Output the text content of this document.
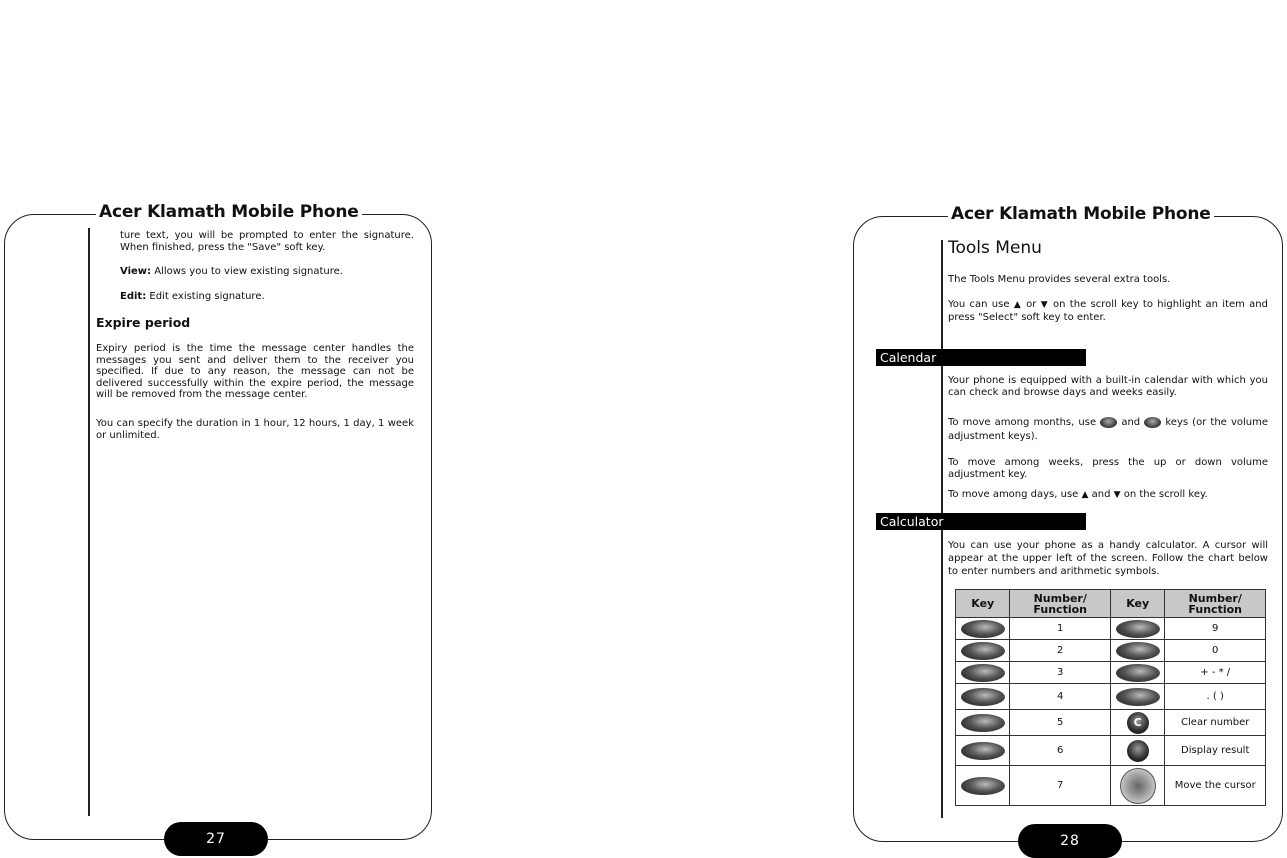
Acer Klamath Mobile Phone
ture text, you will be prompted to enter the signature. When finished, press the "Save" soft key.
View: Allows you to view existing signature.
Edit: Edit existing signature.
Expire period
Expiry period is the time the message center handles the messages you sent and deliver them to the receiver you specified. If due to any reason, the message can not be delivered successfully within the expire period, the message will be removed from the message center.
You can specify the duration in 1 hour, 12 hours, 1 day, 1 week or unlimited.
27
Acer Klamath Mobile Phone
Tools Menu
The Tools Menu provides several extra tools.
You can use ▲ or ▼ on the scroll key to highlight an item and press "Select" soft key to enter.
Calendar
Your phone is equipped with a built-in calendar with which you can check and browse days and weeks easily.
To move among months, use  and  keys (or the volume adjustment keys).
To move among weeks, press the up or down volume adjustment key.
To move among days, use ▲ and ▼ on the scroll key.
Calculator
You can use your phone as a handy calculator. A cursor will appear at the upper left of the screen. Follow the chart below to enter numbers and arithmetic symbols.
Key	Number/ Function	Key	Number/ Function
	1		9
	2		0
	3		+ - * /
	4		. ( )
	5	C	Clear number
	6		Display result
	7		Move the cursor
28
